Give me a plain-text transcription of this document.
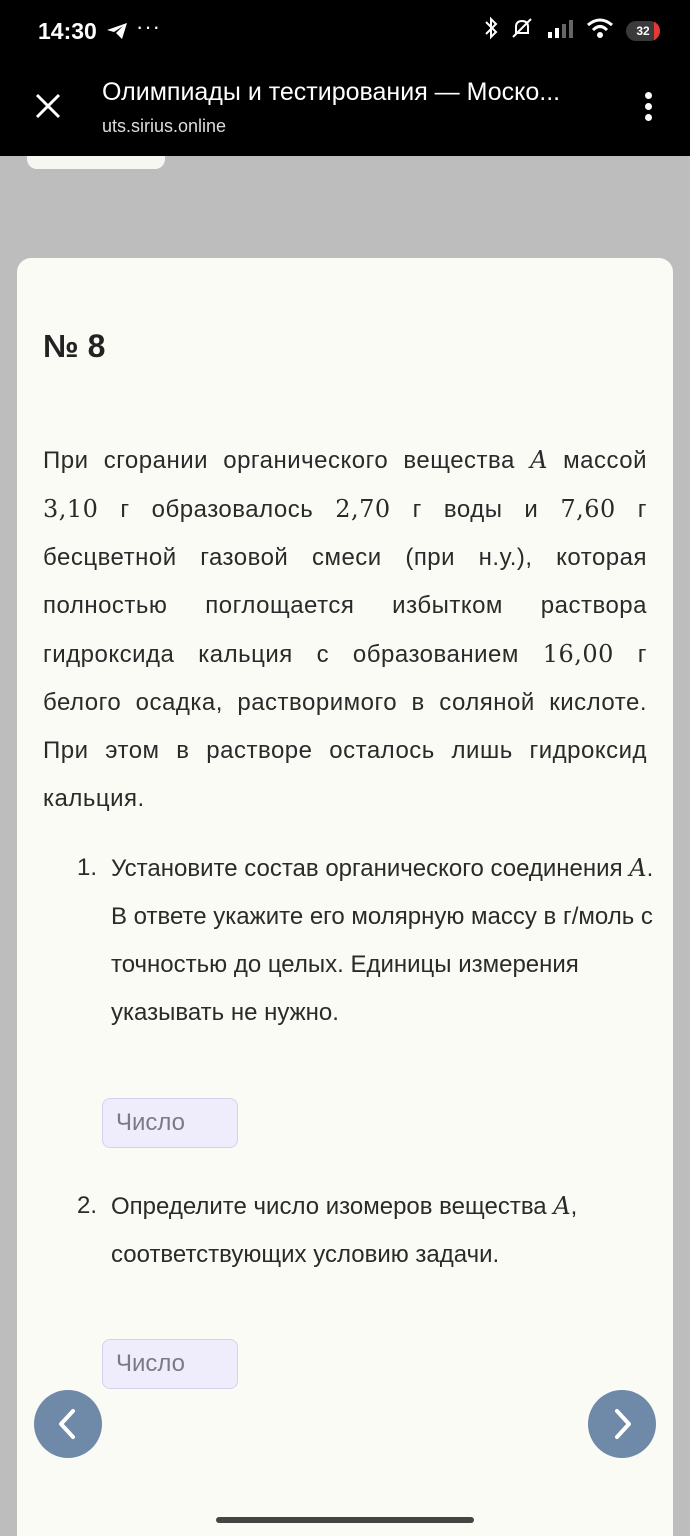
14:30 ···	32
Олимпиады и тестирования — Моско...
uts.sirius.online
№ 8
При сгорании органического вещества A массой 3,10 г образовалось 2,70 г воды и 7,60 г бесцветной газовой смеси (при н.у.), которая полностью поглощается избытком раствора гидроксида кальция с образованием 16,00 г белого осадка, растворимого в соляной кислоте. При этом в растворе осталось лишь гидроксид кальция.
1. Установите состав органического соединения A. В ответе укажите его молярную массу в г/моль с точностью до целых. Единицы измерения указывать не нужно.
Число
2. Определите число изомеров вещества A, соответствующих условию задачи.
Число
